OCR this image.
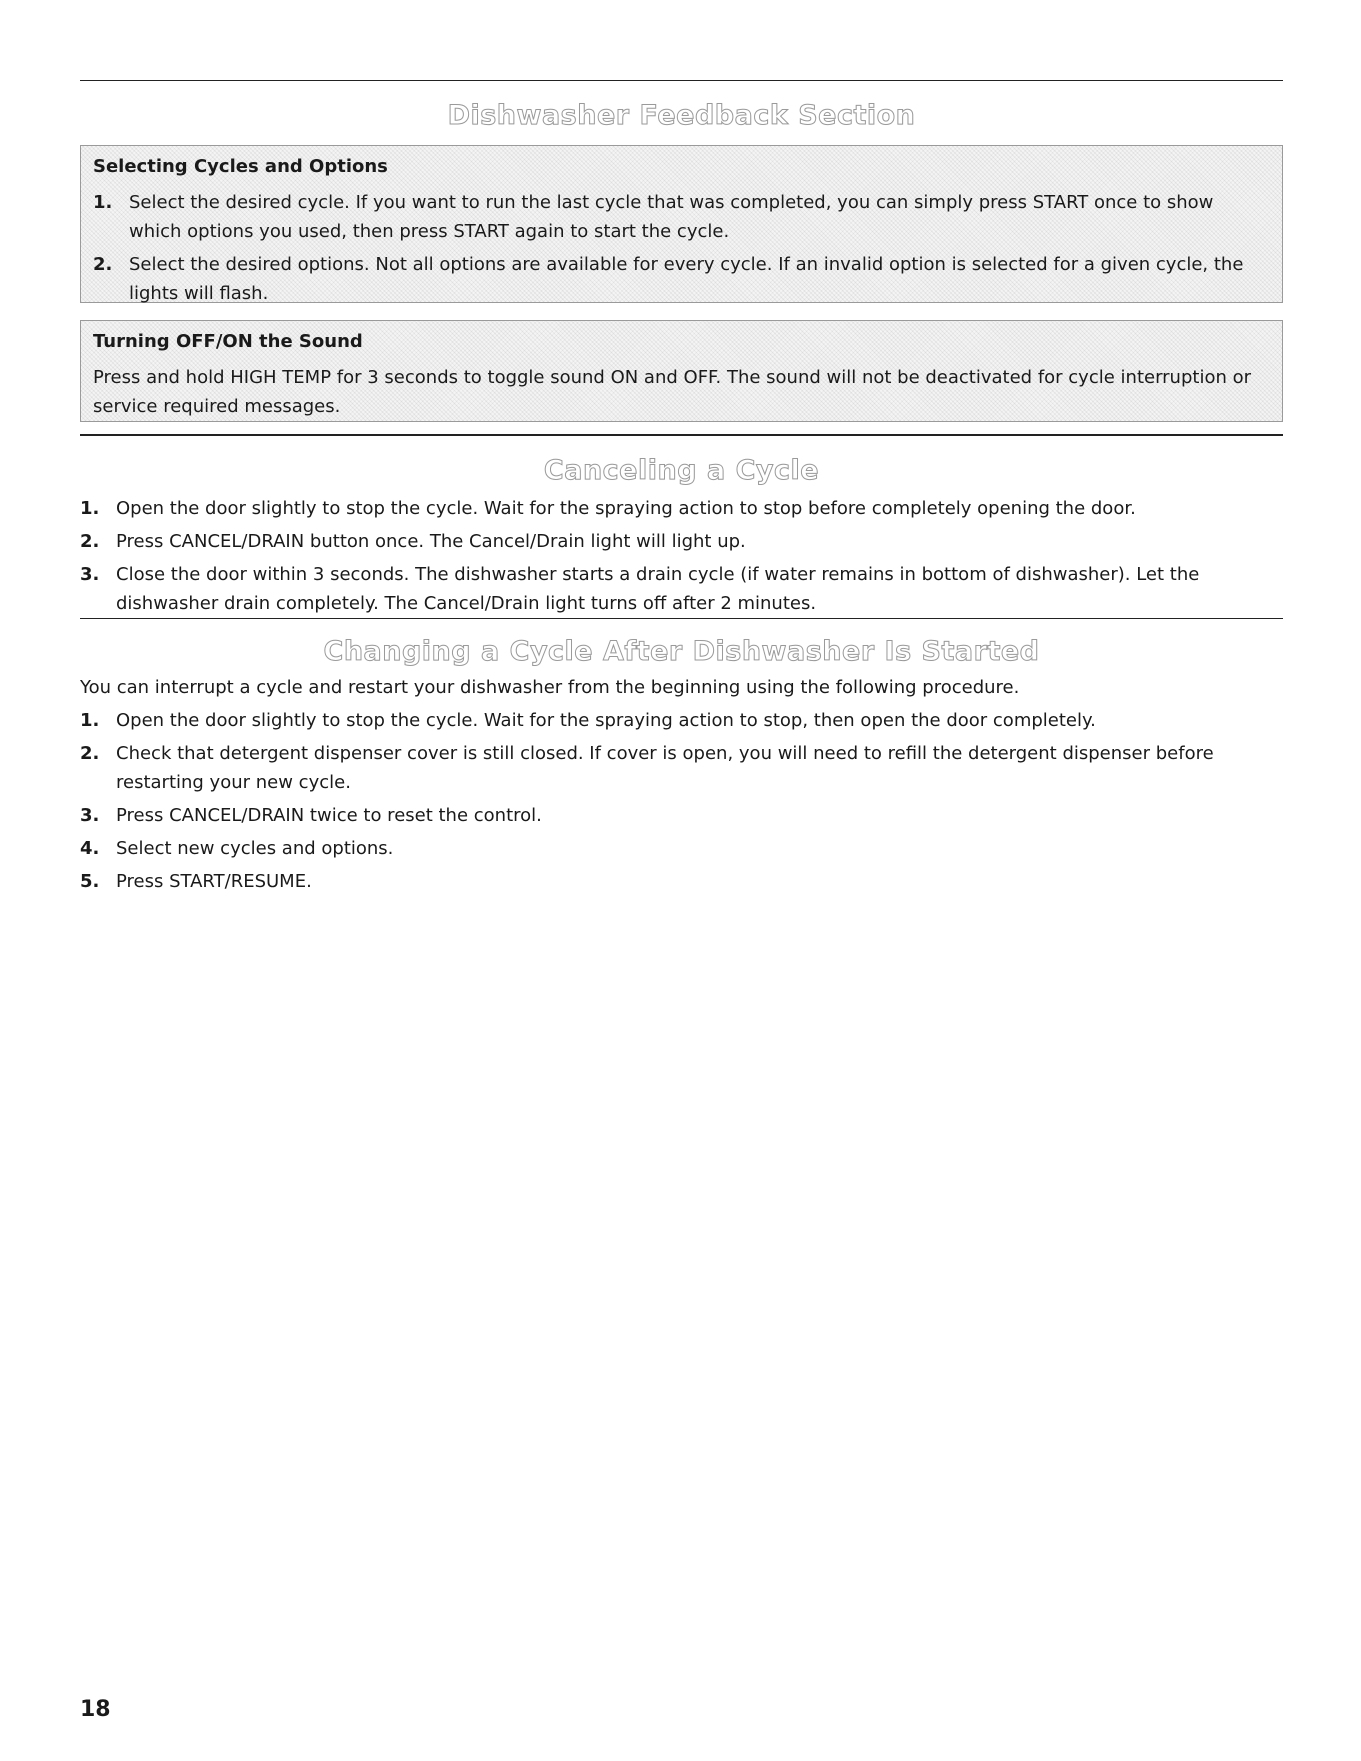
Dishwasher Feedback Section
Selecting Cycles and Options
1. Select the desired cycle. If you want to run the last cycle that was completed, you can simply press START once to show which options you used, then press START again to start the cycle.
2. Select the desired options. Not all options are available for every cycle. If an invalid option is selected for a given cycle, the lights will flash.
Turning OFF/ON the Sound
Press and hold HIGH TEMP for 3 seconds to toggle sound ON and OFF. The sound will not be deactivated for cycle interruption or service required messages.
Canceling a Cycle
1. Open the door slightly to stop the cycle. Wait for the spraying action to stop before completely opening the door.
2. Press CANCEL/DRAIN button once. The Cancel/Drain light will light up.
3. Close the door within 3 seconds. The dishwasher starts a drain cycle (if water remains in bottom of dishwasher). Let the dishwasher drain completely. The Cancel/Drain light turns off after 2 minutes.
Changing a Cycle After Dishwasher Is Started
You can interrupt a cycle and restart your dishwasher from the beginning using the following procedure.
1. Open the door slightly to stop the cycle. Wait for the spraying action to stop, then open the door completely.
2. Check that detergent dispenser cover is still closed. If cover is open, you will need to refill the detergent dispenser before restarting your new cycle.
3. Press CANCEL/DRAIN twice to reset the control.
4. Select new cycles and options.
5. Press START/RESUME.
18
